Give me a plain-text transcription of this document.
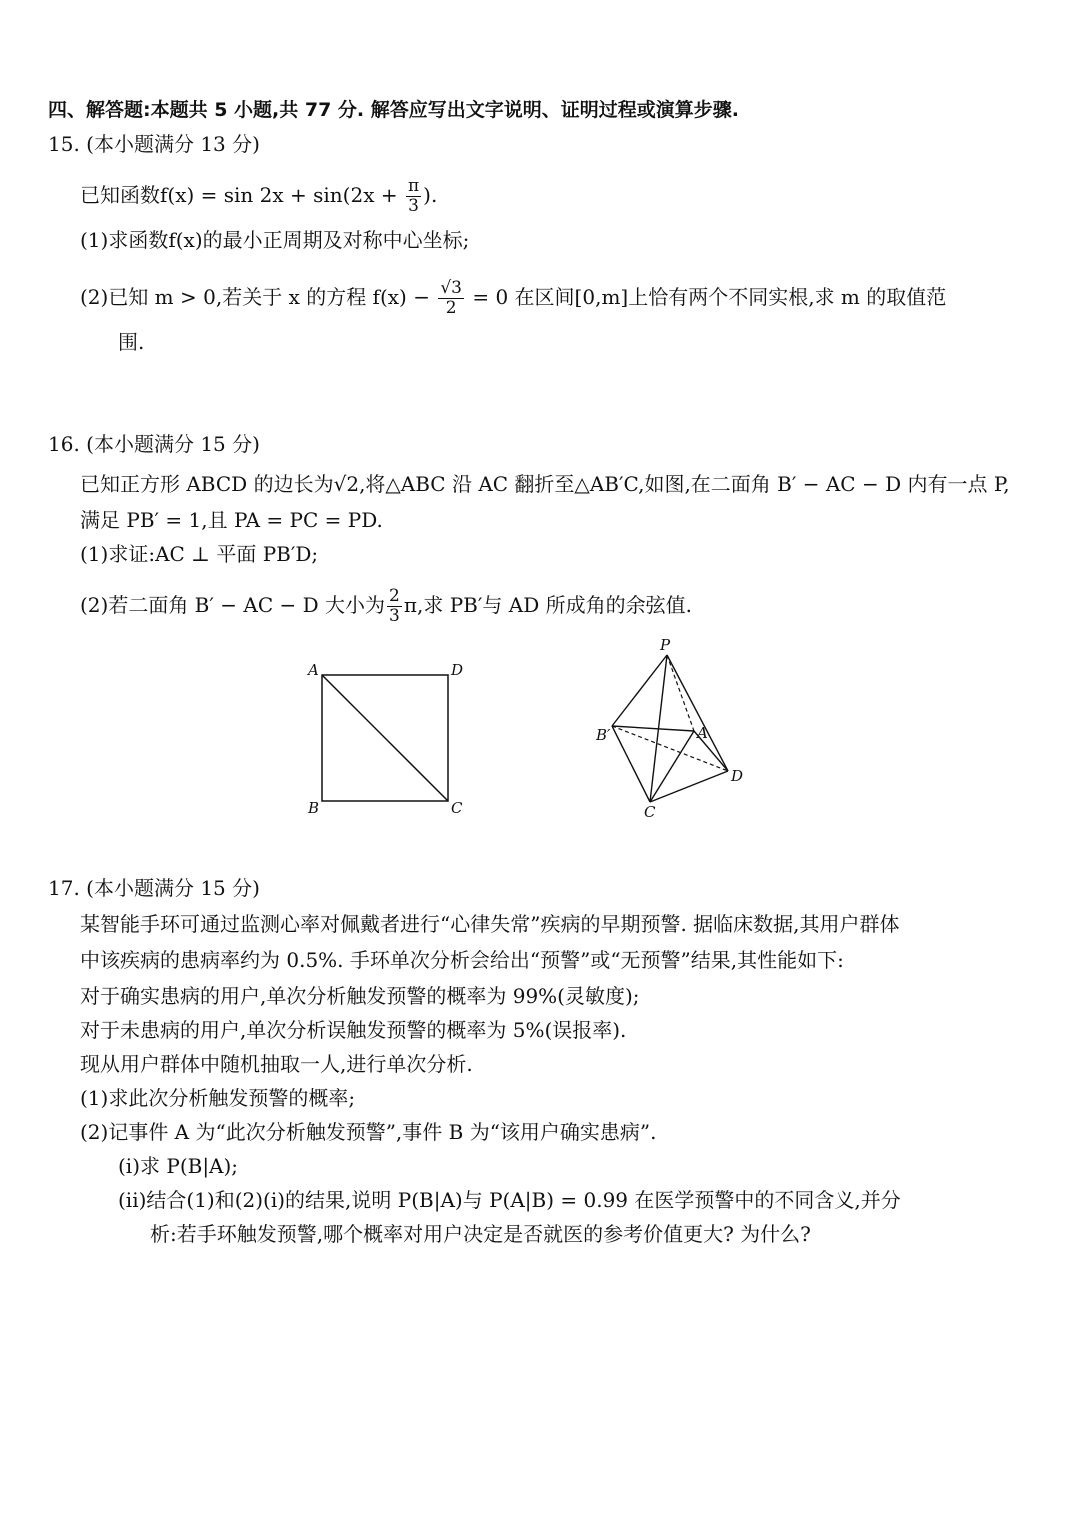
四、解答题:本题共 5 小题,共 77 分. 解答应写出文字说明、证明过程或演算步骤.
15. (本小题满分 13 分)
已知函数$f(x) = \sin 2x + \sin(2x + \frac{\pi}{3}$ ).
(1)求函数f(x)的最小正周期及对称中心坐标;
(2)已知 m > 0,若关于 x 的方程 $f(x) - \frac{√3}{2} = 0$ 在区间[0,m]上恰有两个不同实根,求 m 的取值范
围.
16. (本小题满分 15 分)
已知正方形 ABCD 的边长为√2,将△ABC 沿 AC 翻折至△AB′C,如图,在二面角 B′ − AC − D 内有一点 P,
满足 PB′ = 1,且 PA = PC = PD.
(1)求证:AC ⊥ 平面 PB′D;
(2)若二面角 B′ − AC − D 大小为 $\frac{2}{3} \pi$,求 PB′与 AD 所成角的余弦值.
A	D
B	C
P
B′	A
D
C
17. (本小题满分 15 分)
某智能手环可通过监测心率对佩戴者进行“心律失常”疾病的早期预警. 据临床数据,其用户群体
中该疾病的患病率约为 0.5%. 手环单次分析会给出“预警”或“无预警”结果,其性能如下:
对于确实患病的用户,单次分析触发预警的概率为 99%(灵敏度);
对于未患病的用户,单次分析误触发预警的概率为 5%(误报率).
现从用户群体中随机抽取一人,进行单次分析.
(1)求此次分析触发预警的概率;
(2)记事件 A 为“此次分析触发预警”,事件 B 为“该用户确实患病”.
(i)求 P(B|A);
(ii)结合(1)和(2)(i)的结果,说明 P(B|A)与 P(A|B) = 0.99 在医学预警中的不同含义,并分
析:若手环触发预警,哪个概率对用户决定是否就医的参考价值更大? 为什么?
